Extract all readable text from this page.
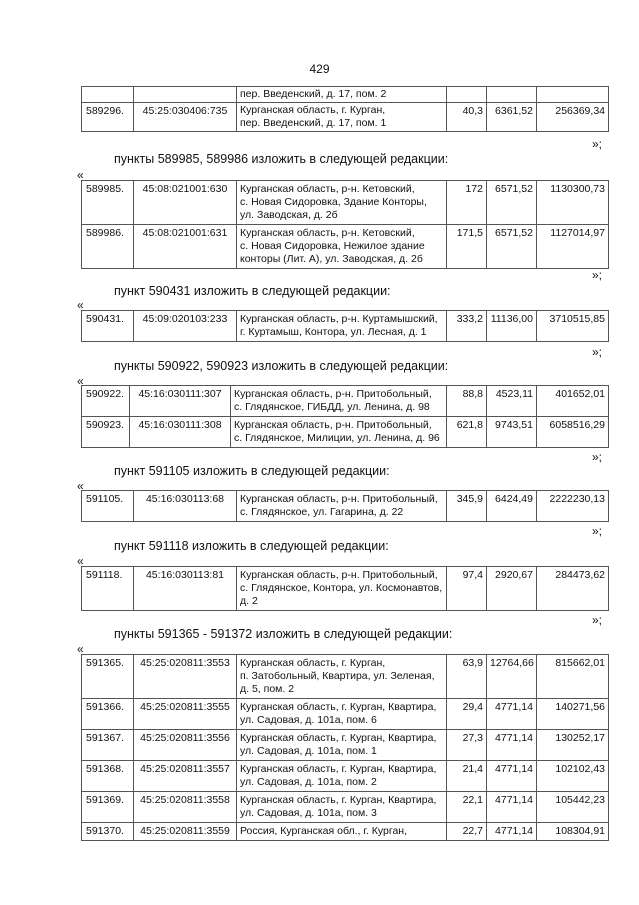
429
		пер. Введенский, д. 17, пом. 2			
589296.	45:25:030406:735	Курганская область, г. Курган,
пер. Введенский, д. 17, пом. 1	40,3	6361,52	256369,34
»;
пункты 589985, 589986 изложить в следующей редакции:
«
589985.	45:08:021001:630	Курганская область, р-н. Кетовский,
с. Новая Сидоровка, Здание Конторы,
ул. Заводская, д. 2б	172	6571,52	1130300,73
589986.	45:08:021001:631	Курганская область, р-н. Кетовский,
с. Новая Сидоровка, Нежилое здание
конторы (Лит. А), ул. Заводская, д. 2б	171,5	6571,52	1127014,97
»;
пункт 590431 изложить в следующей редакции:
«
590431.	45:09:020103:233	Курганская область, р-н. Куртамышский,
г. Куртамыш, Контора, ул. Лесная, д. 1
	333,2	11136,00	3710515,85
»;
пункты 590922, 590923 изложить в следующей редакции:
«
590922.	45:16:030111:307	Курганская область, р-н. Притобольный,
с. Глядянское, ГИБДД, ул. Ленина, д. 98	88,8	4523,11	401652,01
590923.	45:16:030111:308	Курганская область, р-н. Притобольный,
с. Глядянское, Милиции, ул. Ленина, д. 96	621,8	9743,51	6058516,29
»;
пункт 591105 изложить в следующей редакции:
«
591105.	45:16:030113:68	Курганская область, р-н. Притобольный,
с. Глядянское, ул. Гагарина, д. 22
	345,9	6424,49	2222230,13
»;
пункт 591118 изложить в следующей редакции:
«
591118.	45:16:030113:81	Курганская область, р-н. Притобольный,
с. Глядянское, Контора, ул. Космонавтов,
д. 2
	97,4	2920,67	284473,62
»;
пункты 591365 - 591372 изложить в следующей редакции:
«
591365.	45:25:020811:3553	Курганская область, г. Курган,
п. Затобольный, Квартира, ул. Зеленая,
д. 5, пом. 2	63,9	12764,66	815662,01
591366.	45:25:020811:3555	Курганская область, г. Курган, Квартира,
ул. Садовая, д. 101а, пом. 6	29,4	4771,14	140271,56
591367.	45:25:020811:3556	Курганская область, г. Курган, Квартира,
ул. Садовая, д. 101а, пом. 1	27,3	4771,14	130252,17
591368.	45:25:020811:3557	Курганская область, г. Курган, Квартира,
ул. Садовая, д. 101а, пом. 2	21,4	4771,14	102102,43
591369.	45:25:020811:3558	Курганская область, г. Курган, Квартира,
ул. Садовая, д. 101а, пом. 3	22,1	4771,14	105442,23
591370.	45:25:020811:3559	Россия, Курганская обл., г. Курган,	22,7	4771,14	108304,91
